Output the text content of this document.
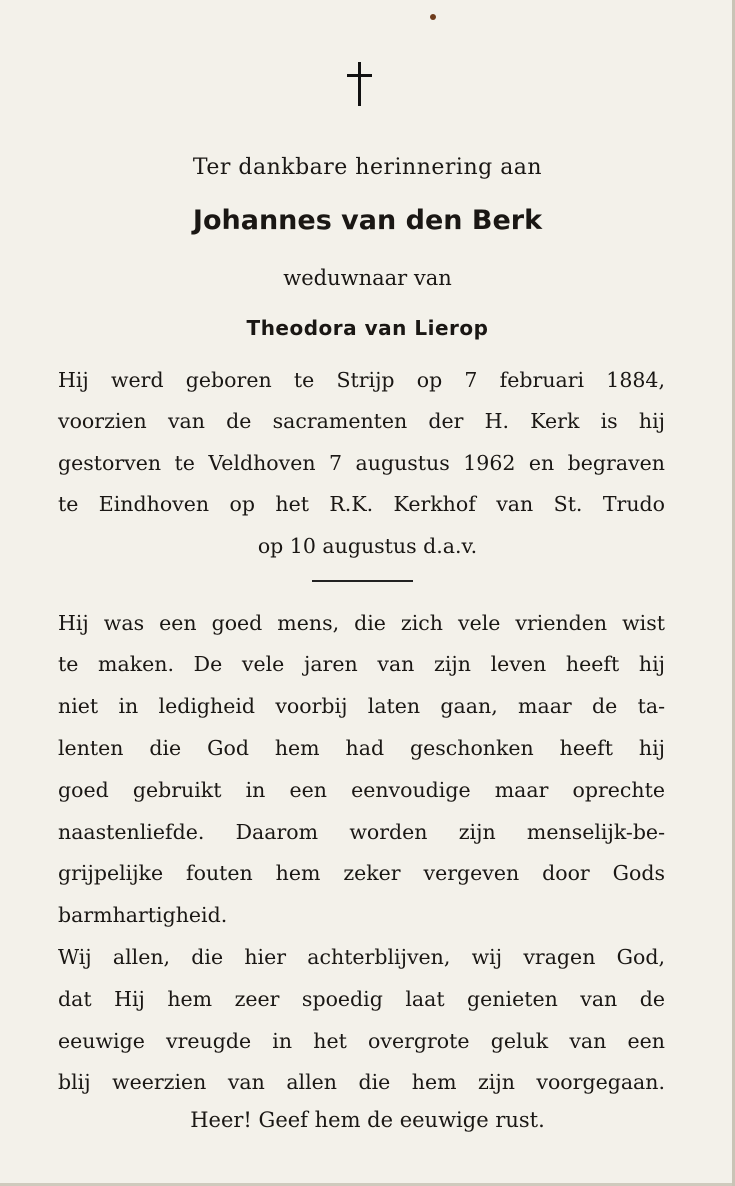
Ter dankbare herinnering aan
Johannes van den Berk
weduwnaar van
Theodora van Lierop
Hij werd geboren te Strijp op 7 februari 1884,
voorzien van de sacramenten der H. Kerk is hij
gestorven te Veldhoven 7 augustus 1962 en begraven
te Eindhoven op het R.K. Kerkhof van St. Trudo
op 10 augustus d.a.v.
Hij was een goed mens, die zich vele vrienden wist
te maken. De vele jaren van zijn leven heeft hij
niet in ledigheid voorbij laten gaan, maar de ta-
lenten die God hem had geschonken heeft hij
goed gebruikt in een eenvoudige maar oprechte
naastenliefde. Daarom worden zijn menselijk-be-
grijpelijke fouten hem zeker vergeven door Gods
barmhartigheid.
Wij allen, die hier achterblijven, wij vragen God,
dat Hij hem zeer spoedig laat genieten van de
eeuwige vreugde in het overgrote geluk van een
blij weerzien van allen die hem zijn voorgegaan.
Heer! Geef hem de eeuwige rust.
